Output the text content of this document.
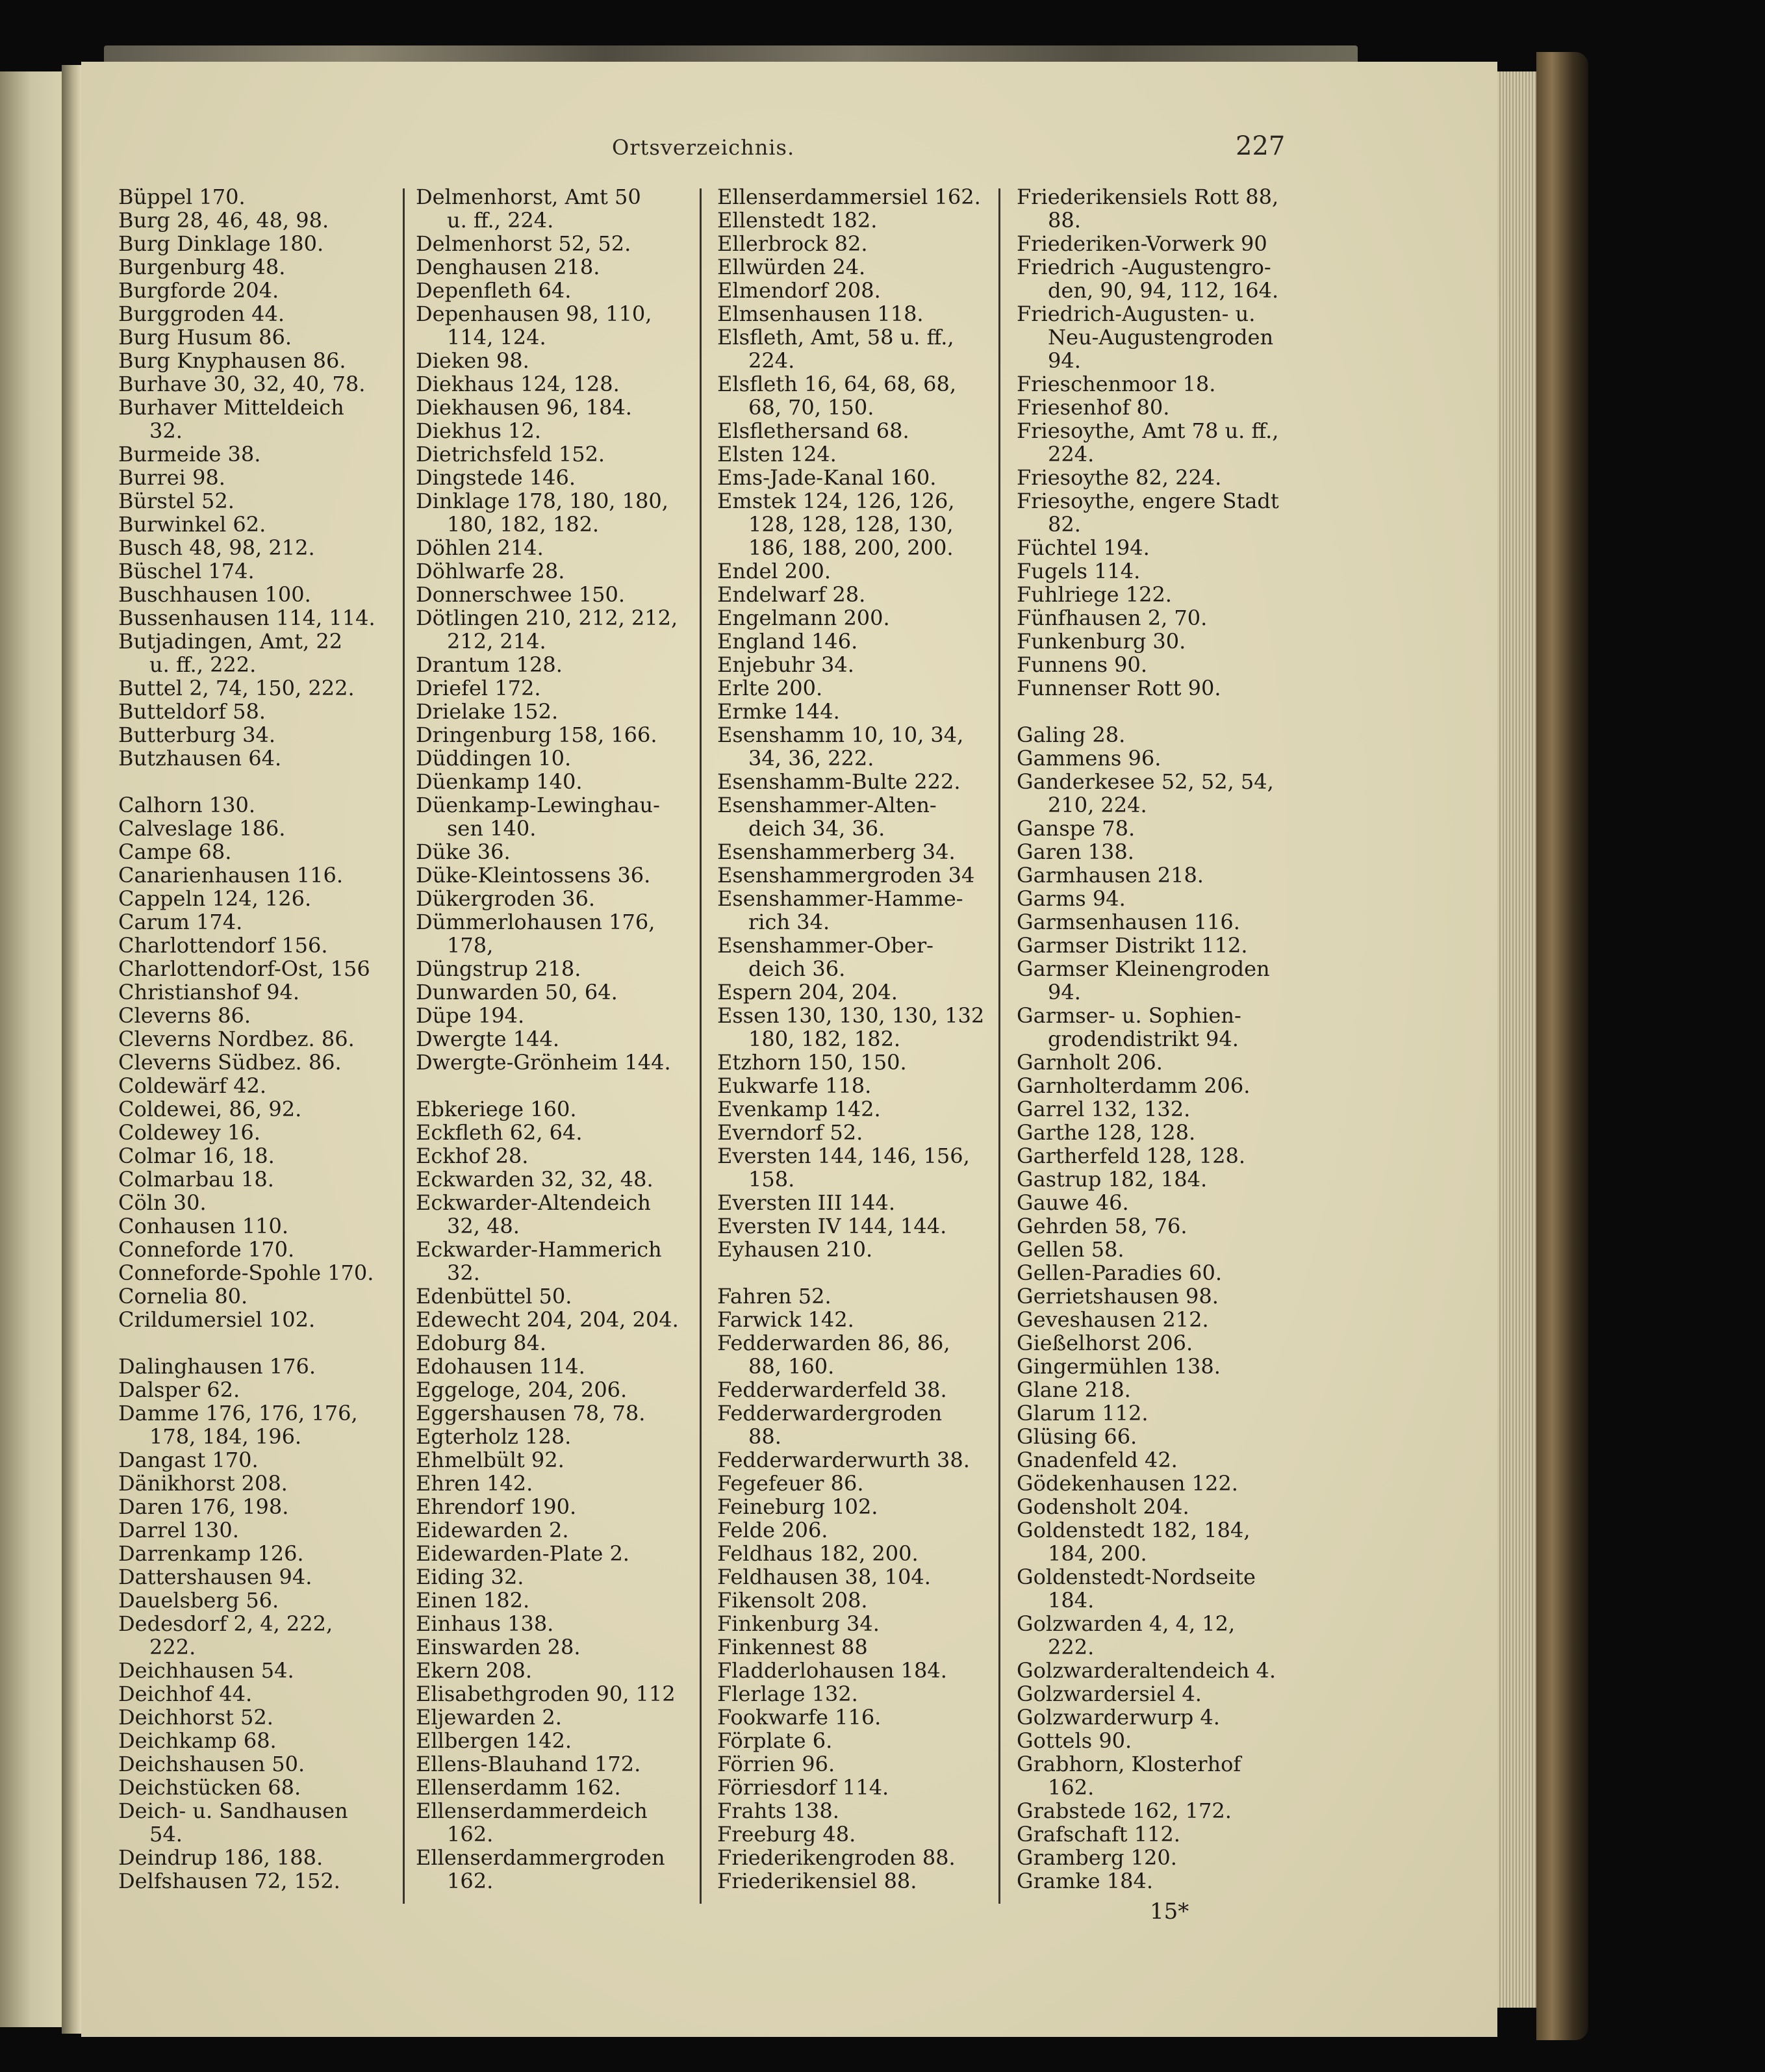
Ortsverzeichnis.	227
Büppel 170.
Burg 28, 46, 48, 98.
Burg Dinklage 180.
Burgenburg 48.
Burgforde 204.
Burggroden 44.
Burg Husum 86.
Burg Knyphausen 86.
Burhave 30, 32, 40, 78.
Burhaver Mitteldeich
32.
Burmeide 38.
Burrei 98.
Bürstel 52.
Burwinkel 62.
Busch 48, 98, 212.
Büschel 174.
Buschhausen 100.
Bussenhausen 114, 114.
Butjadingen, Amt, 22
u. ff., 222.
Buttel 2, 74, 150, 222.
Butteldorf 58.
Butterburg 34.
Butzhausen 64.
Calhorn 130.
Calveslage 186.
Campe 68.
Canarienhausen 116.
Cappeln 124, 126.
Carum 174.
Charlottendorf 156.
Charlottendorf-Ost, 156
Christianshof 94.
Cleverns 86.
Cleverns Nordbez. 86.
Cleverns Südbez. 86.
Coldewärf 42.
Coldewei, 86, 92.
Coldewey 16.
Colmar 16, 18.
Colmarbau 18.
Cöln 30.
Conhausen 110.
Conneforde 170.
Conneforde-Spohle 170.
Cornelia 80.
Crildumersiel 102.
Dalinghausen 176.
Dalsper 62.
Damme 176, 176, 176,
178, 184, 196.
Dangast 170.
Dänikhorst 208.
Daren 176, 198.
Darrel 130.
Darrenkamp 126.
Dattershausen 94.
Dauelsberg 56.
Dedesdorf 2, 4, 222,
222.
Deichhausen 54.
Deichhof 44.
Deichhorst 52.
Deichkamp 68.
Deichshausen 50.
Deichstücken 68.
Deich- u. Sandhausen
54.
Deindrup 186, 188.
Delfshausen 72, 152.
Delmenhorst, Amt 50
u. ff., 224.
Delmenhorst 52, 52.
Denghausen 218.
Depenfleth 64.
Depenhausen 98, 110,
114, 124.
Dieken 98.
Diekhaus 124, 128.
Diekhausen 96, 184.
Diekhus 12.
Dietrichsfeld 152.
Dingstede 146.
Dinklage 178, 180, 180,
180, 182, 182.
Döhlen 214.
Döhlwarfe 28.
Donnerschwee 150.
Dötlingen 210, 212, 212,
212, 214.
Drantum 128.
Driefel 172.
Drielake 152.
Dringenburg 158, 166.
Düddingen 10.
Düenkamp 140.
Düenkamp-Lewinghau-
sen 140.
Düke 36.
Düke-Kleintossens 36.
Dükergroden 36.
Dümmerlohausen 176,
178,
Düngstrup 218.
Dunwarden 50, 64.
Düpe 194.
Dwergte 144.
Dwergte-Grönheim 144.
Ebkeriege 160.
Eckfleth 62, 64.
Eckhof 28.
Eckwarden 32, 32, 48.
Eckwarder-Altendeich
32, 48.
Eckwarder-Hammerich
32.
Edenbüttel 50.
Edewecht 204, 204, 204.
Edoburg 84.
Edohausen 114.
Eggeloge, 204, 206.
Eggershausen 78, 78.
Egterholz 128.
Ehmelbült 92.
Ehren 142.
Ehrendorf 190.
Eidewarden 2.
Eidewarden-Plate 2.
Eiding 32.
Einen 182.
Einhaus 138.
Einswarden 28.
Ekern 208.
Elisabethgroden 90, 112
Eljewarden 2.
Ellbergen 142.
Ellens-Blauhand 172.
Ellenserdamm 162.
Ellenserdammerdeich
162.
Ellenserdammergroden
162.
Ellenserdammersiel 162.
Ellenstedt 182.
Ellerbrock 82.
Ellwürden 24.
Elmendorf 208.
Elmsenhausen 118.
Elsfleth, Amt, 58 u. ff.,
224.
Elsfleth 16, 64, 68, 68,
68, 70, 150.
Elsflethersand 68.
Elsten 124.
Ems-Jade-Kanal 160.
Emstek 124, 126, 126,
128, 128, 128, 130,
186, 188, 200, 200.
Endel 200.
Endelwarf 28.
Engelmann 200.
England 146.
Enjebuhr 34.
Erlte 200.
Ermke 144.
Esenshamm 10, 10, 34,
34, 36, 222.
Esenshamm-Bulte 222.
Esenshammer-Alten-
deich 34, 36.
Esenshammerberg 34.
Esenshammergroden 34
Esenshammer-Hamme-
rich 34.
Esenshammer-Ober-
deich 36.
Espern 204, 204.
Essen 130, 130, 130, 132
180, 182, 182.
Etzhorn 150, 150.
Eukwarfe 118.
Evenkamp 142.
Everndorf 52.
Eversten 144, 146, 156,
158.
Eversten III 144.
Eversten IV 144, 144.
Eyhausen 210.
Fahren 52.
Farwick 142.
Fedderwarden 86, 86,
88, 160.
Fedderwarderfeld 38.
Fedderwardergroden
88.
Fedderwarderwurth 38.
Fegefeuer 86.
Feineburg 102.
Felde 206.
Feldhaus 182, 200.
Feldhausen 38, 104.
Fikensolt 208.
Finkenburg 34.
Finkennest 88
Fladderlohausen 184.
Flerlage 132.
Fookwarfe 116.
Förplate 6.
Förrien 96.
Förriesdorf 114.
Frahts 138.
Freeburg 48.
Friederikengroden 88.
Friederikensiel 88.
Friederikensiels Rott 88,
88.
Friederiken-Vorwerk 90
Friedrich -Augustengro-
den, 90, 94, 112, 164.
Friedrich-Augusten- u.
Neu-Augustengroden
94.
Frieschenmoor 18.
Friesenhof 80.
Friesoythe, Amt 78 u. ff.,
224.
Friesoythe 82, 224.
Friesoythe, engere Stadt
82.
Füchtel 194.
Fugels 114.
Fuhlriege 122.
Fünfhausen 2, 70.
Funkenburg 30.
Funnens 90.
Funnenser Rott 90.
Galing 28.
Gammens 96.
Ganderkesee 52, 52, 54,
210, 224.
Ganspe 78.
Garen 138.
Garmhausen 218.
Garms 94.
Garmsenhausen 116.
Garmser Distrikt 112.
Garmser Kleinengroden
94.
Garmser- u. Sophien-
grodendistrikt 94.
Garnholt 206.
Garnholterdamm 206.
Garrel 132, 132.
Garthe 128, 128.
Gartherfeld 128, 128.
Gastrup 182, 184.
Gauwe 46.
Gehrden 58, 76.
Gellen 58.
Gellen-Paradies 60.
Gerrietshausen 98.
Geveshausen 212.
Gießelhorst 206.
Gingermühlen 138.
Glane 218.
Glarum 112.
Glüsing 66.
Gnadenfeld 42.
Gödekenhausen 122.
Godensholt 204.
Goldenstedt 182, 184,
184, 200.
Goldenstedt-Nordseite
184.
Golzwarden 4, 4, 12,
222.
Golzwarderaltendeich 4.
Golzwardersiel 4.
Golzwarderwurp 4.
Gottels 90.
Grabhorn, Klosterhof
162.
Grabstede 162, 172.
Grafschaft 112.
Gramberg 120.
Gramke 184.
15*
